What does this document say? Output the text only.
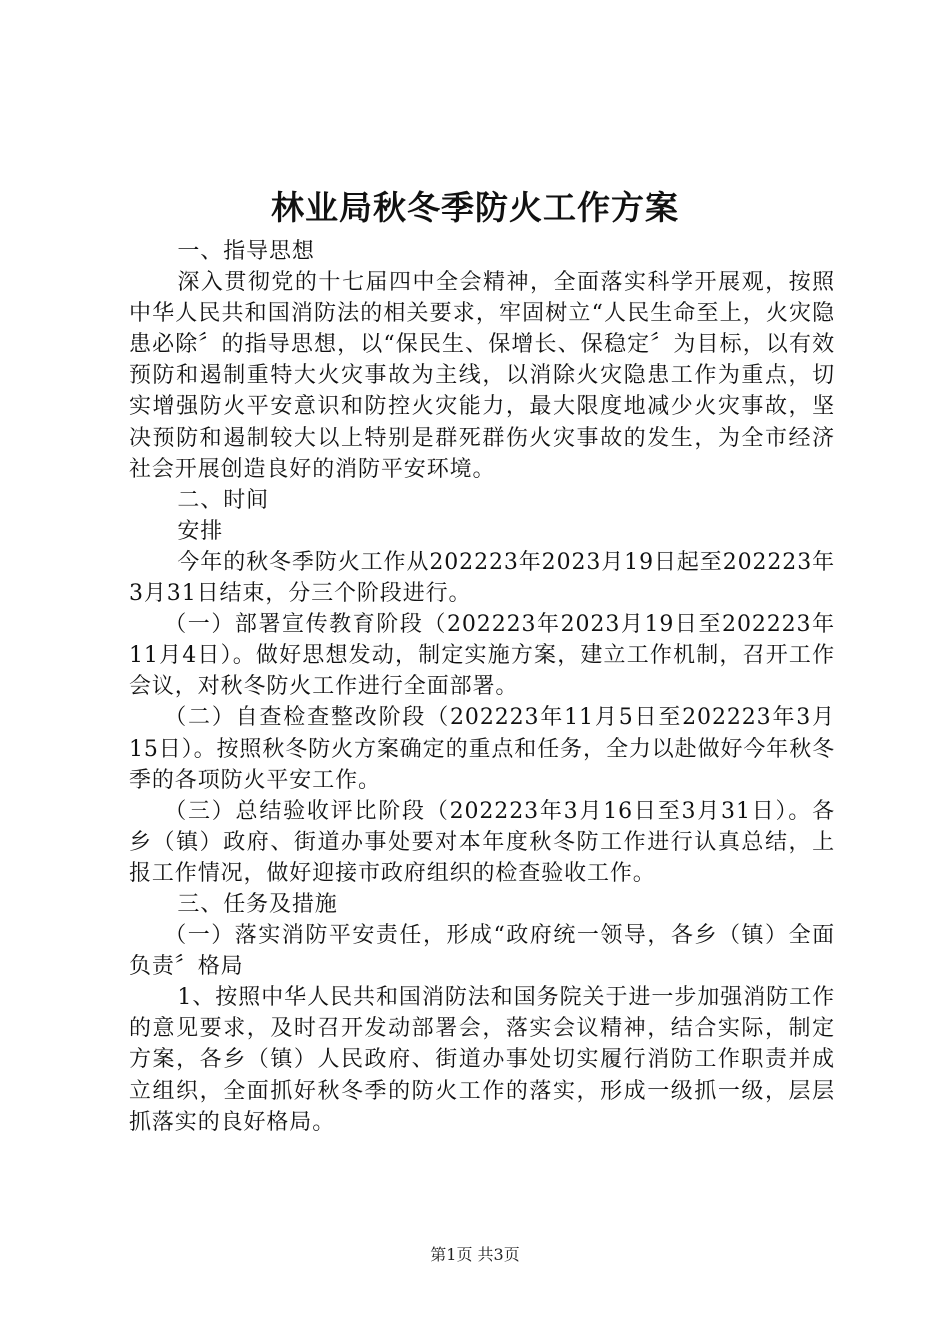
林业局秋冬季防火工作方案

一、指导思想

深入贯彻党的十七届四中全会精神，全面落实科学开展观，按照中华人民共和国消防法的相关要求，牢固树立“人民生命至上，火灾隐患必除〞的指导思想，以“保民生、保增长、保稳定〞为目标，以有效预防和遏制重特大火灾事故为主线，以消除火灾隐患工作为重点，切实增强防火平安意识和防控火灾能力，最大限度地减少火灾事故，坚决预防和遏制较大以上特别是群死群伤火灾事故的发生，为全市经济社会开展创造良好的消防平安环境。

二、时间

安排

今年的秋冬季防火工作从202223年2023月19日起至202223年3月31日结束，分三个阶段进行。

（一）部署宣传教育阶段（202223年2023月19日至202223年11月4日）。做好思想发动，制定实施方案，建立工作机制，召开工作会议，对秋冬防火工作进行全面部署。

（二）自查检查整改阶段（202223年11月5日至202223年3月15日）。按照秋冬防火方案确定的重点和任务，全力以赴做好今年秋冬季的各项防火平安工作。

（三）总结验收评比阶段（202223年3月16日至3月31日）。各乡（镇）政府、街道办事处要对本年度秋冬防工作进行认真总结，上报工作情况，做好迎接市政府组织的检查验收工作。

三、任务及措施

（一）落实消防平安责任，形成“政府统一领导，各乡（镇）全面负责〞格局

1、按照中华人民共和国消防法和国务院关于进一步加强消防工作的意见要求，及时召开发动部署会，落实会议精神，结合实际，制定方案，各乡（镇）人民政府、街道办事处切实履行消防工作职责并成立组织，全面抓好秋冬季的防火工作的落实，形成一级抓一级，层层抓落实的良好格局。

第1页 共3页
